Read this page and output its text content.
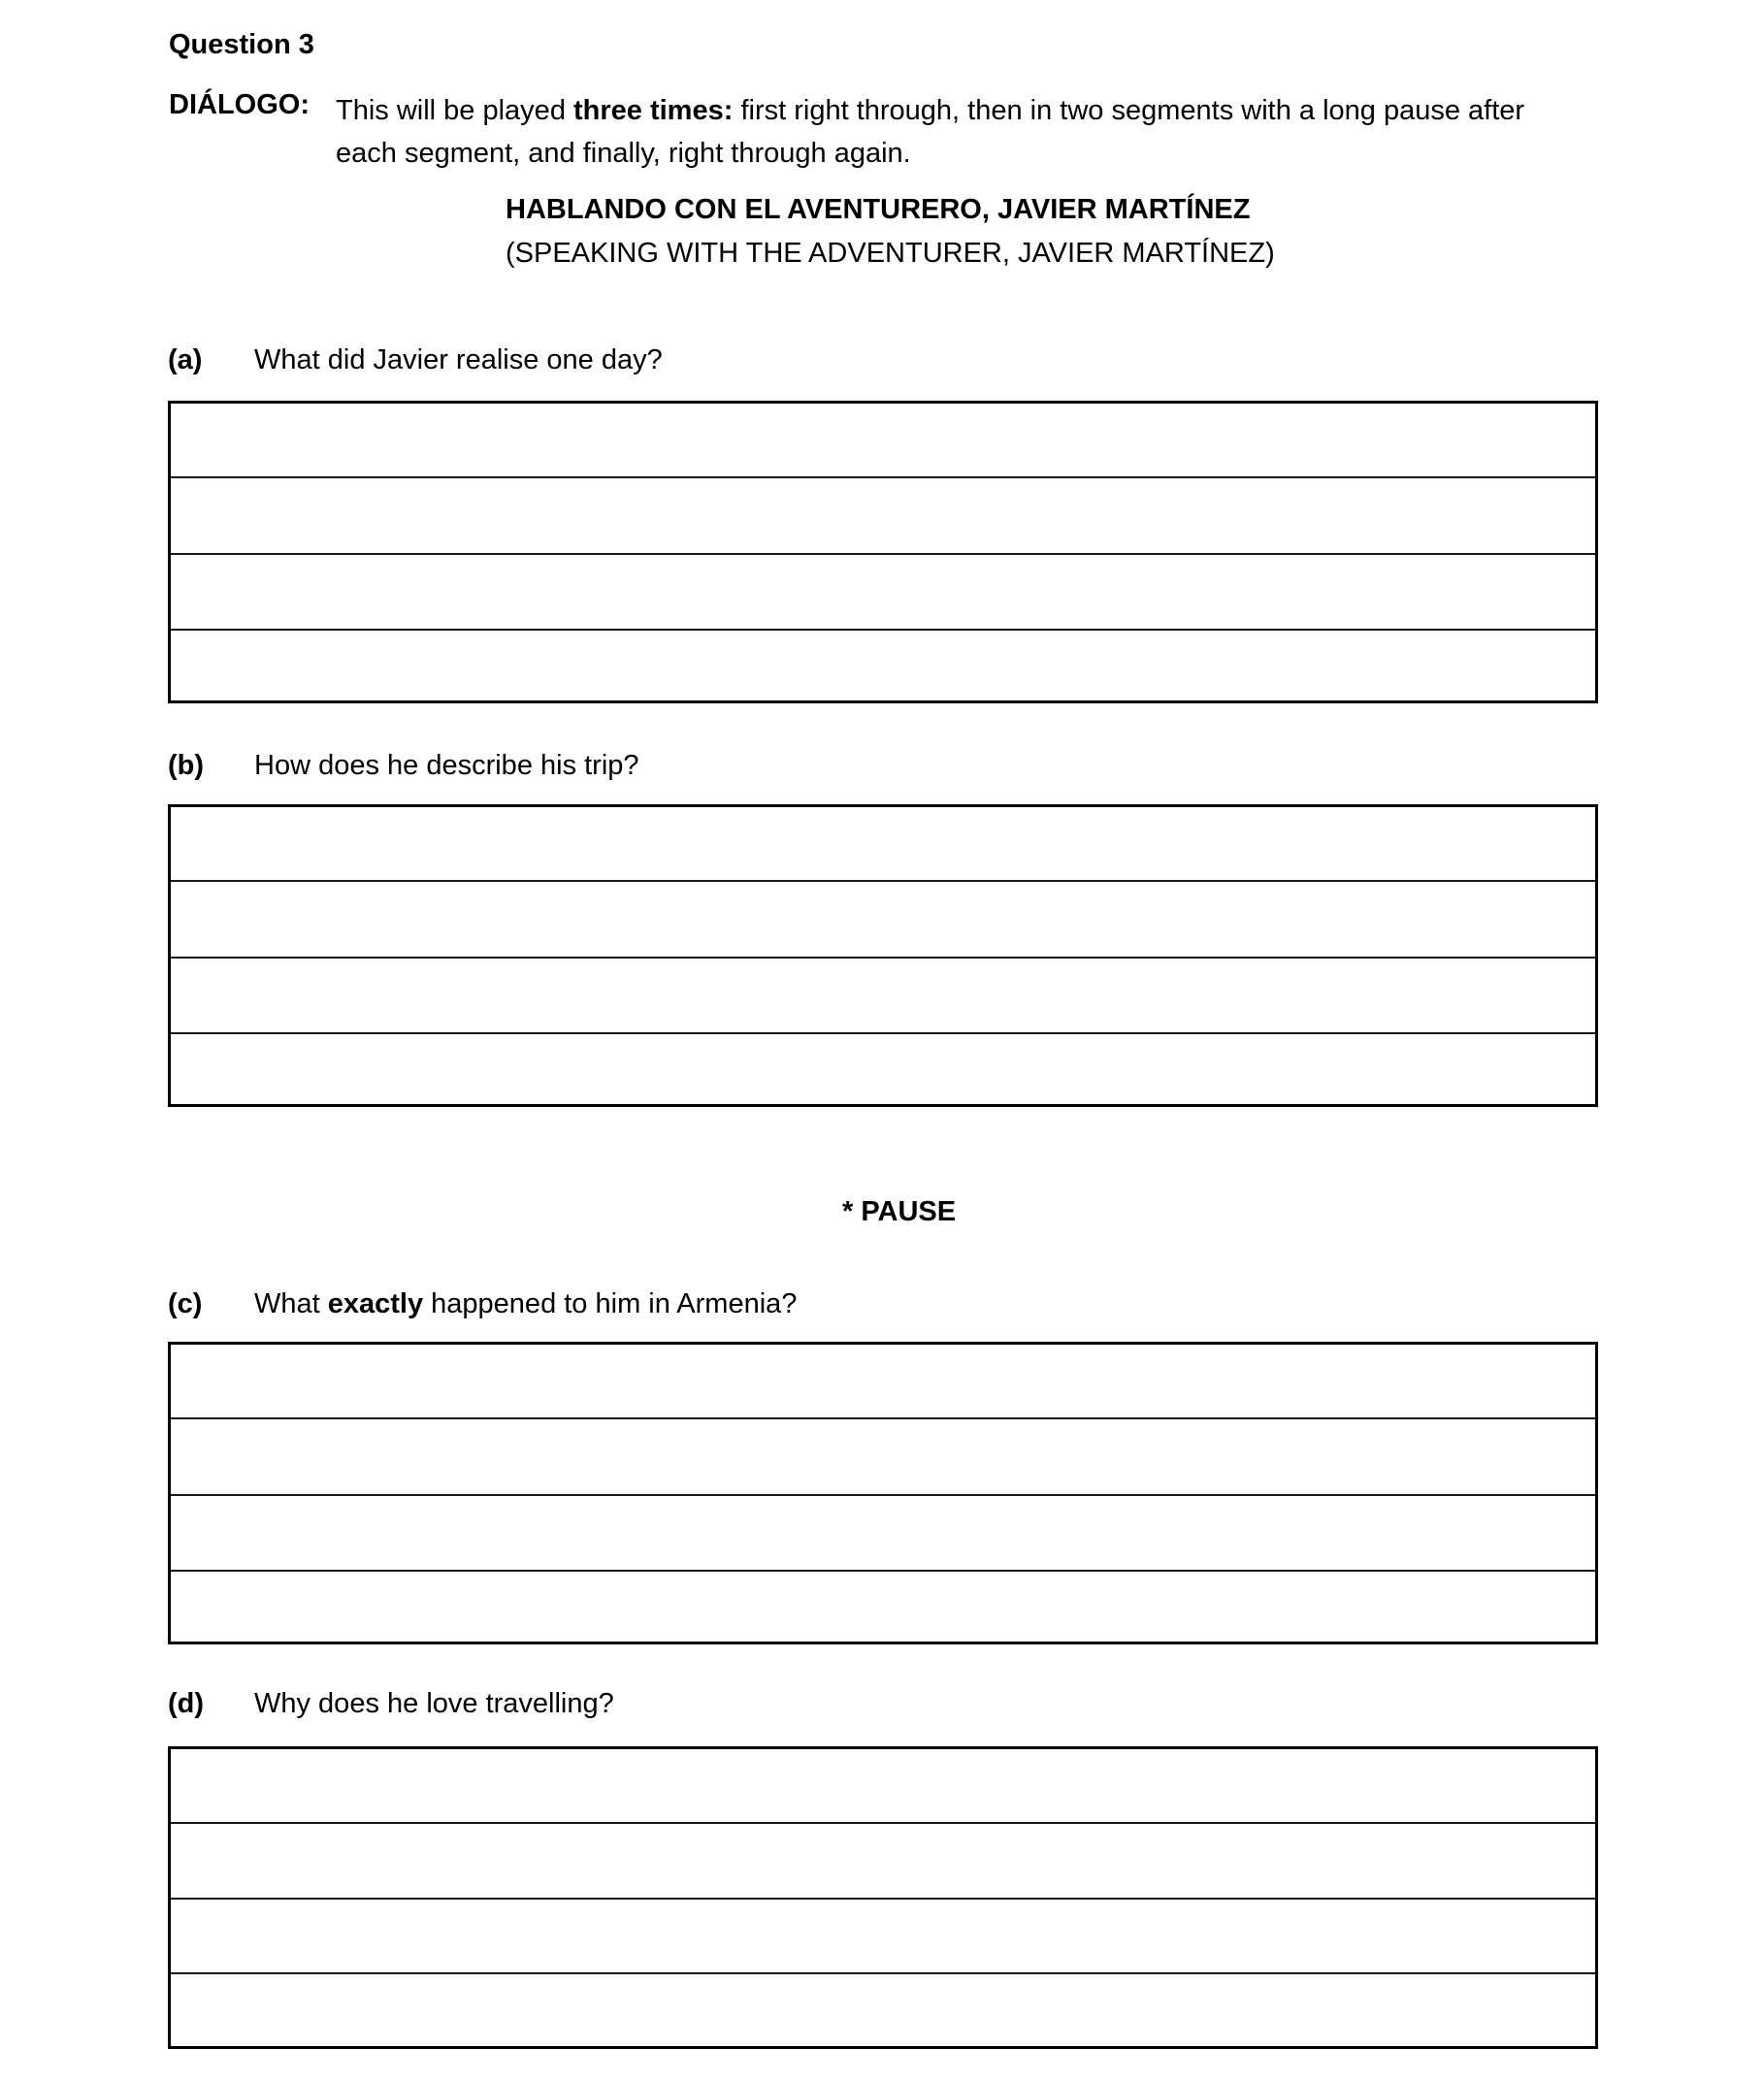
Question 3
DIÁLOGO: This will be played three times: first right through, then in two segments with a long pause after each segment, and finally, right through again.
HABLANDO CON EL AVENTURERO, JAVIER MARTÍNEZ
(SPEAKING WITH THE ADVENTURER, JAVIER MARTÍNEZ)
(a) What did Javier realise one day?
(b) How does he describe his trip?
* PAUSE
(c) What exactly happened to him in Armenia?
(d) Why does he love travelling?
